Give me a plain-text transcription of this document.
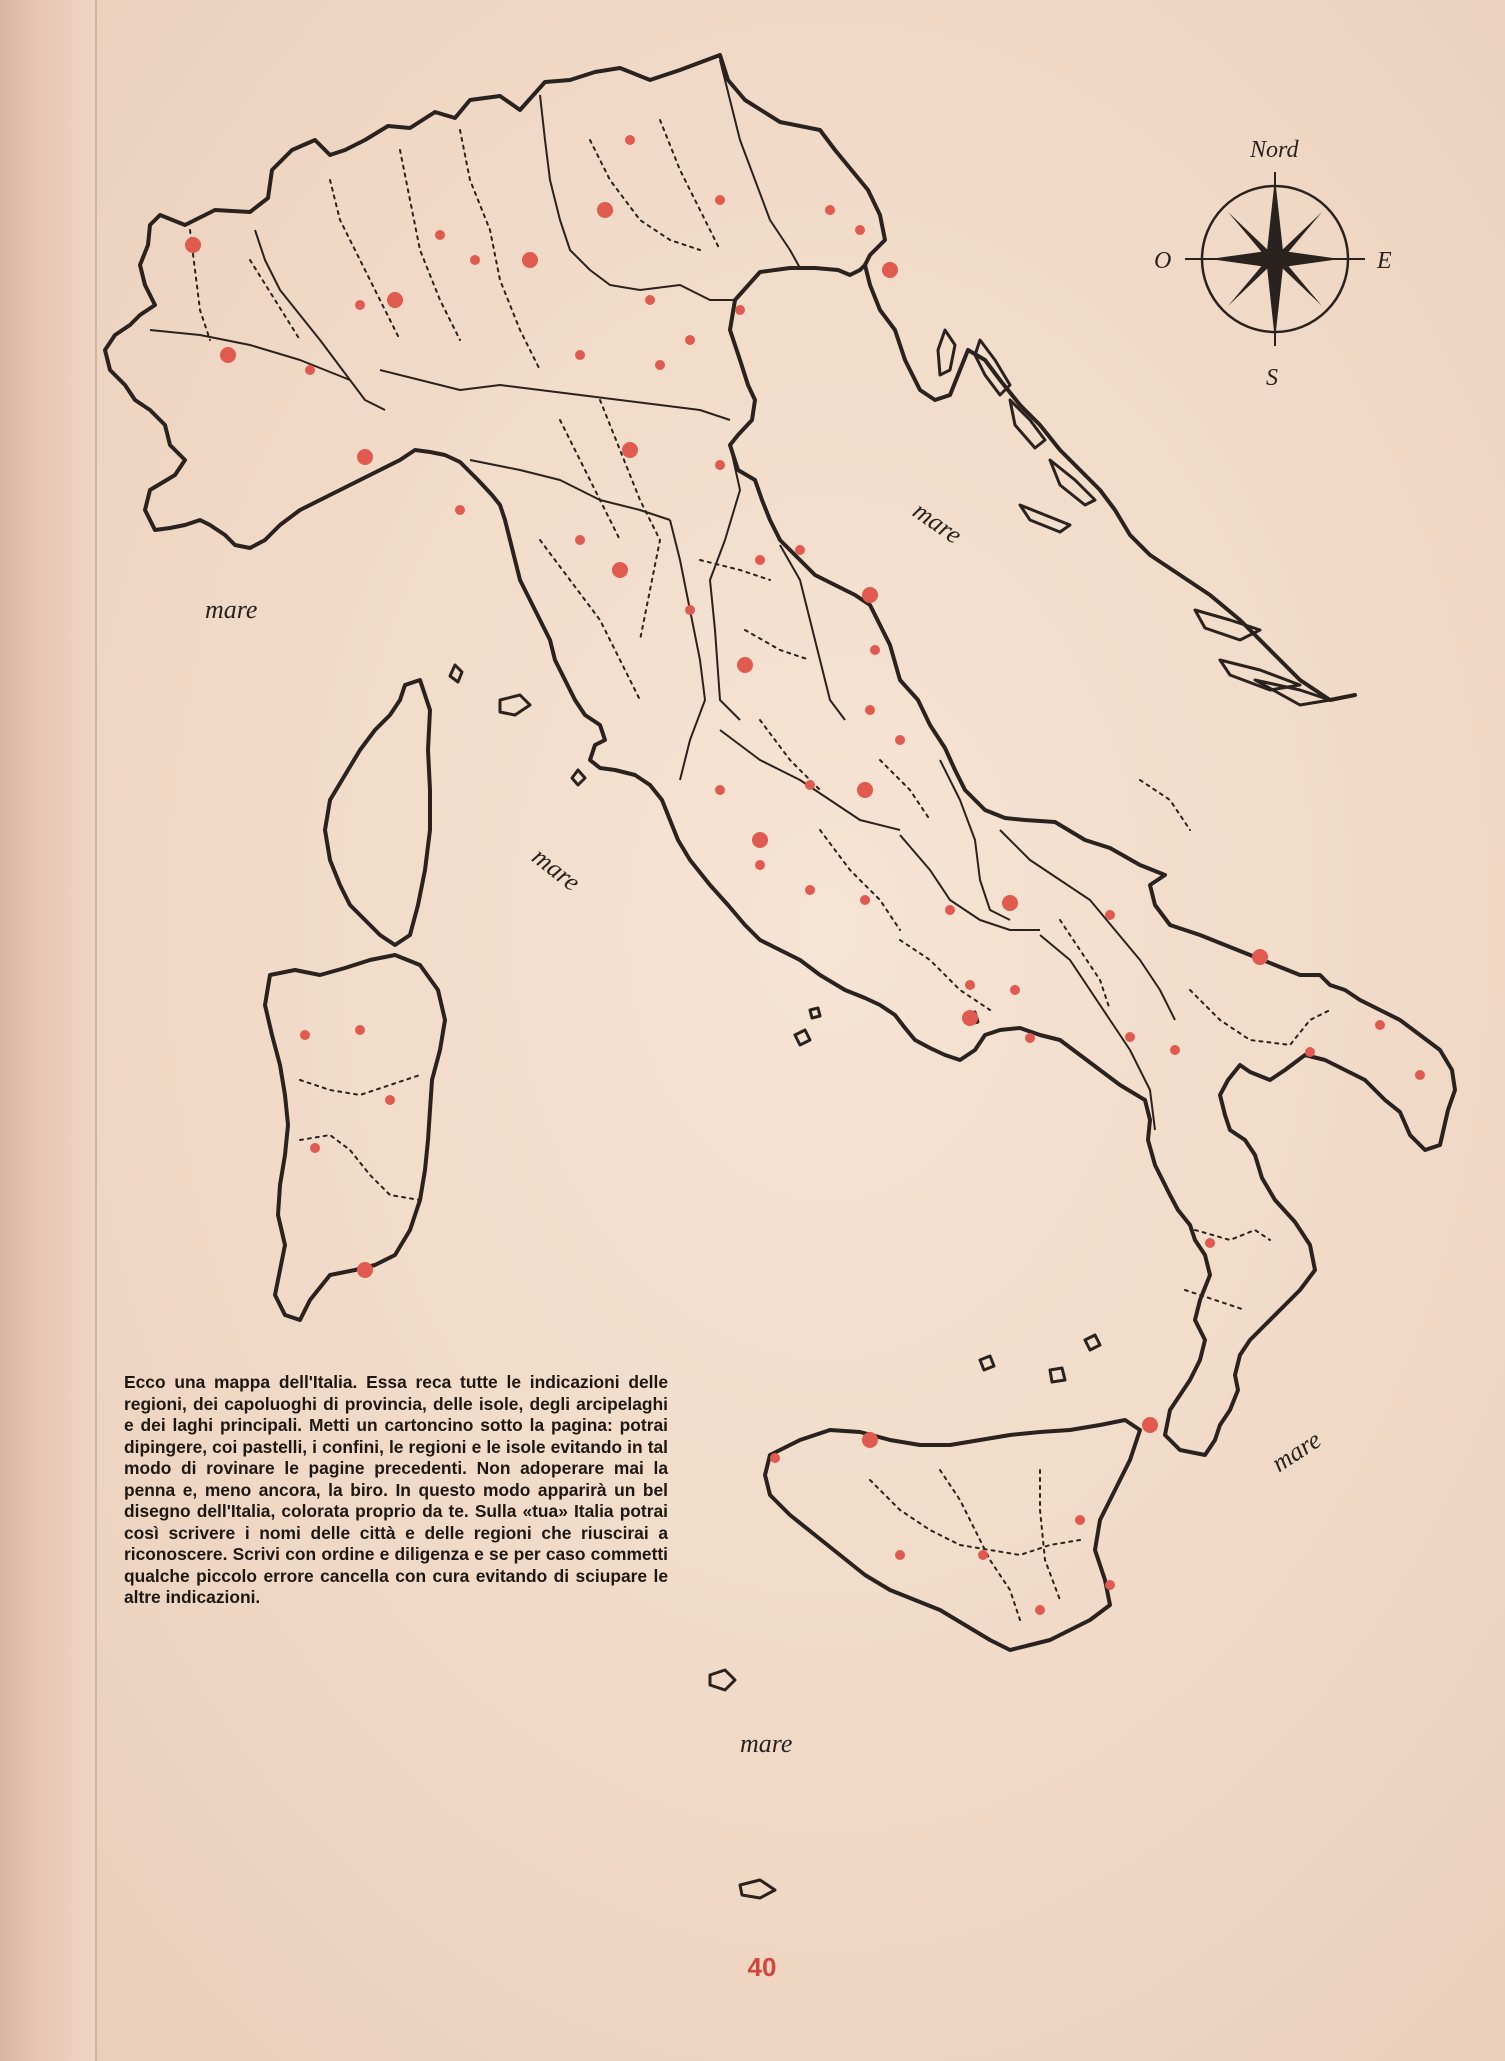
mare
mare
mare
mare
mare
Nord
S
E
O
Ecco una mappa dell'Italia. Essa reca tutte le indicazioni delle regioni, dei capoluoghi di provincia, delle isole, degli arcipelaghi e dei laghi principali. Metti un cartoncino sotto la pagina: potrai dipingere, coi pastelli, i confini, le regioni e le isole evitando in tal modo di rovinare le pagine precedenti. Non adoperare mai la penna e, meno ancora, la biro. In questo modo apparirà un bel disegno dell'Italia, colorata proprio da te. Sulla «tua» Italia potrai così scrivere i nomi delle città e delle regioni che riuscirai a riconoscere. Scrivi con ordine e diligenza e se per caso commetti qualche piccolo errore cancella con cura evitando di sciupare le altre indicazioni.
40
